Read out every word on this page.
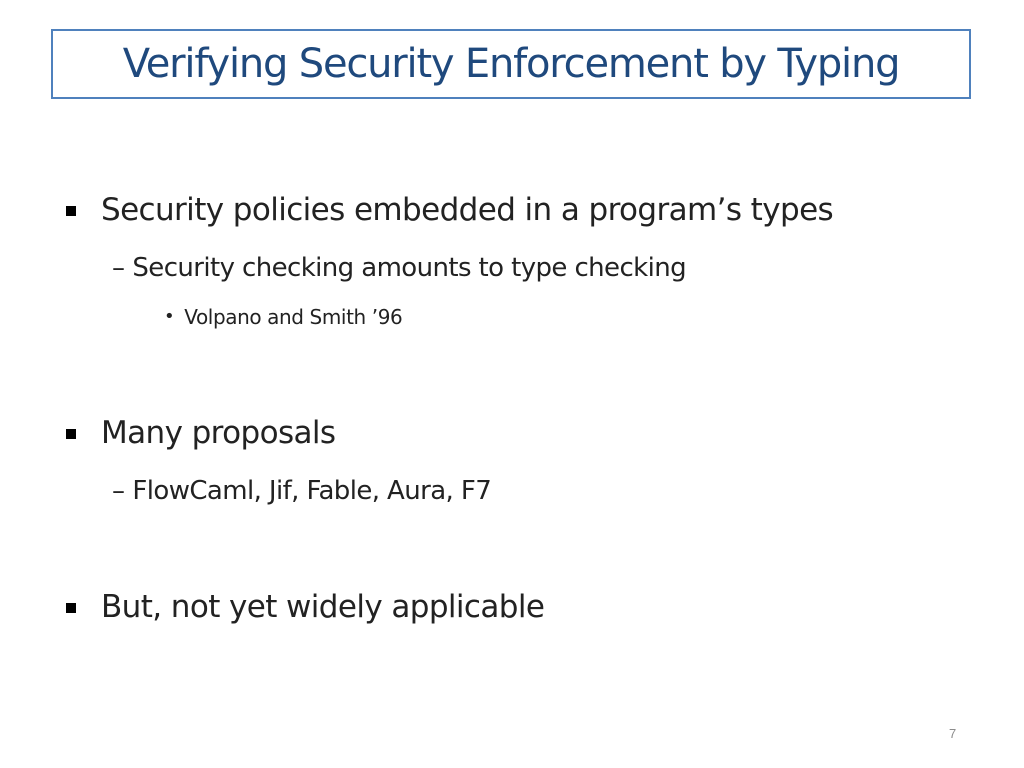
Verifying Security Enforcement by Typing
Security policies embedded in a program’s types
– Security checking amounts to type checking
• Volpano and Smith ’96
Many proposals
– FlowCaml, Jif, Fable, Aura, F7
But, not yet widely applicable
7
